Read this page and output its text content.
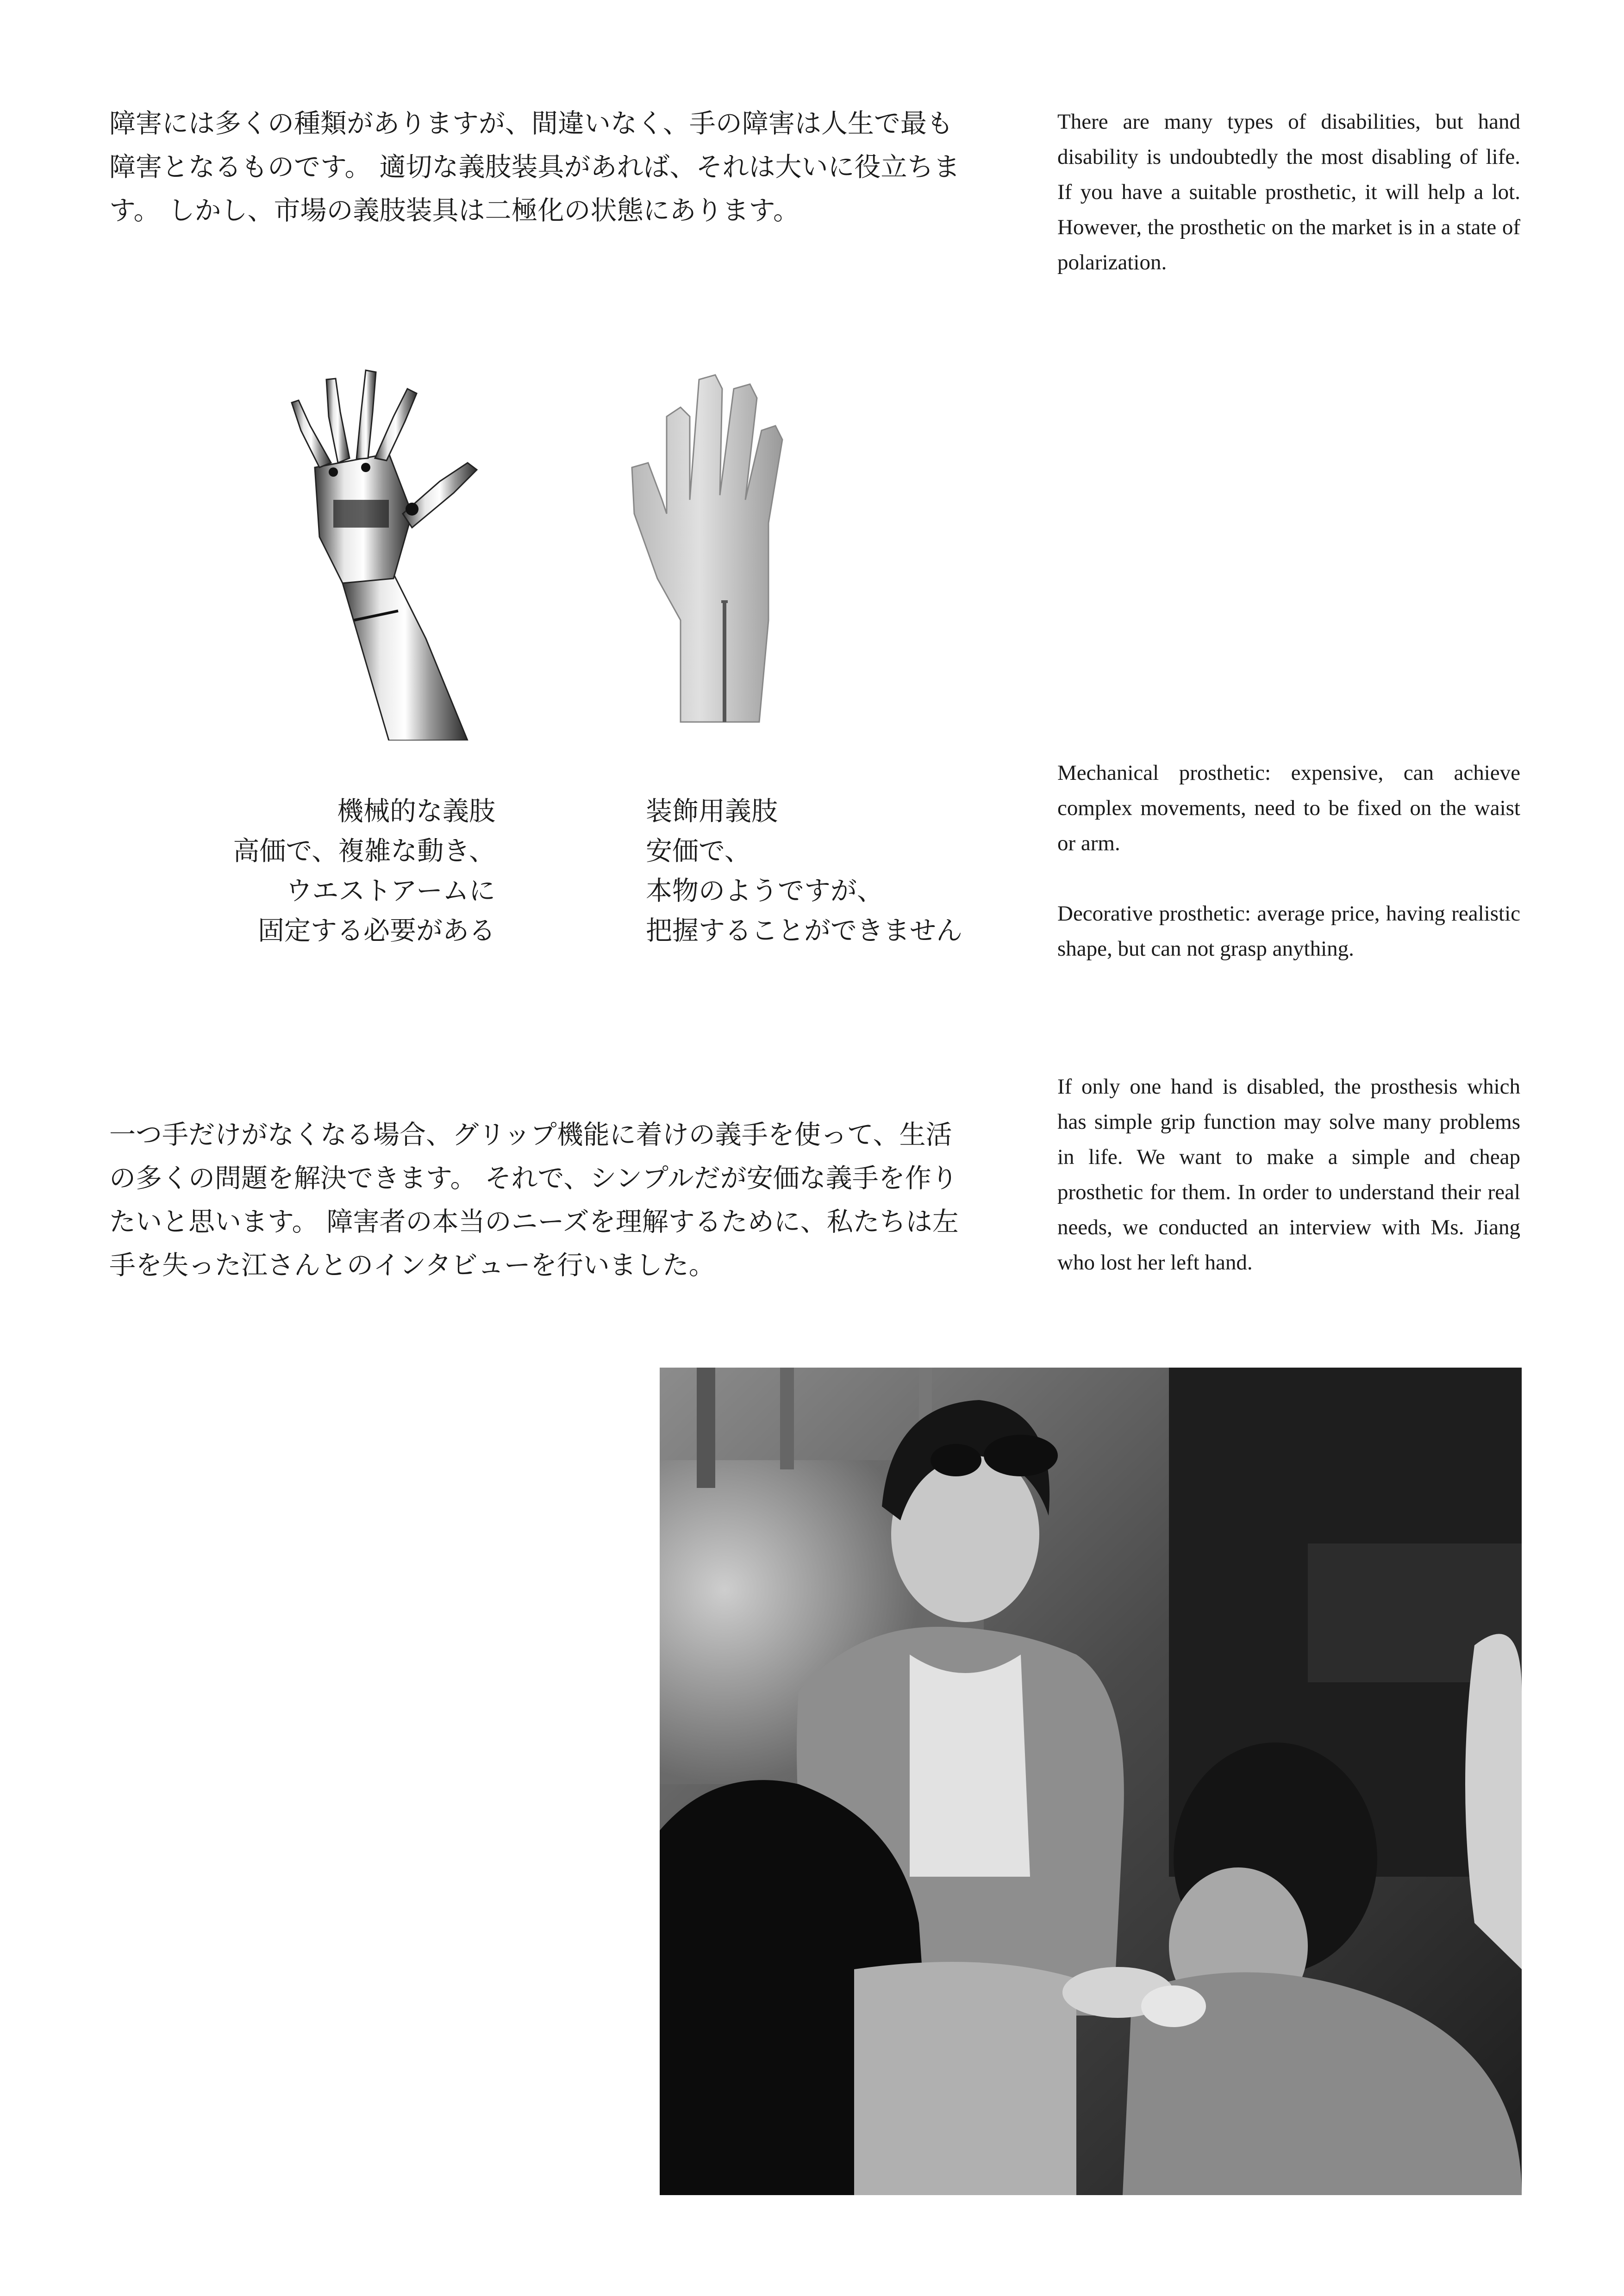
障害には多くの種類がありますが、間違いなく、手の障害は人生で最も
障害となるものです。 適切な義肢装具があれば、それは大いに役立ちま
す。 しかし、市場の義肢装具は二極化の状態にあります。

There are many types of disabilities, but hand disability is undoubtedly the most disabling of life. If you have a suitable prosthetic, it will help a lot. However, the prosthetic on the market is in a state of polarization.

機械的な義肢
高価で、複雑な動き、
ウエストアームに
固定する必要がある
装飾用義肢
安価で、
本物のようですが、
把握することができません

Mechanical prosthetic: expensive, can achieve complex movements, need to be fixed on the waist or arm.

Decorative prosthetic: average price, having realistic shape, but can not grasp anything.

一つ手だけがなくなる場合、グリップ機能に着けの義手を使って、生活
の多くの問題を解決できます。 それで、シンプルだが安価な義手を作り
たいと思います。 障害者の本当のニーズを理解するために、私たちは左
手を失った江さんとのインタビューを行いました。

If only one hand is disabled, the prosthesis which has simple grip function may solve many problems in life. We want to make a simple and cheap prosthetic for them. In order to understand their real needs, we conducted an interview with Ms. Jiang who lost her left hand.
